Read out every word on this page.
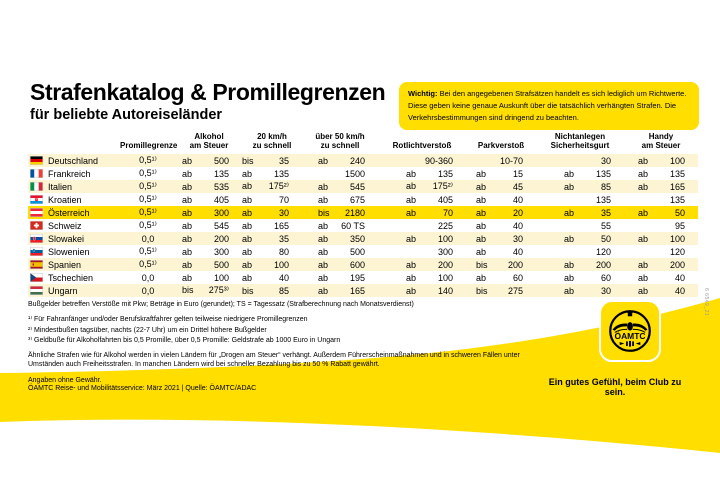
Strafenkatalog & Promillegrenzen
für beliebte Autoreiseländer
Wichtig: Bei den angegebenen Strafsätzen handelt es sich lediglich um Richtwerte. Diese geben keine genaue Auskunft über die tatsächlich verhängten Strafen. Die Verkehrsbestimmungen sind dringend zu beachten.
Promillegrenze
Alkohol
am Steuer
20 km/h
zu schnell
über 50 km/h
zu schnell	Rotlichtverstoß	Parkverstoß
Nichtanlegen
Sicherheitsgurt
Handy
am Steuer
Deutschland	0,5¹⁾	ab	500 bis	35	ab	240	90-360	10-70	30	ab	100
Frankreich	0,5¹⁾	ab	135 ab	135	1500	ab	135	ab	15	ab	135	ab	135
Italien	0,5¹⁾	ab	535 ab	175²⁾	ab	545	ab	175²⁾	ab	45	ab	85	ab	165
Kroatien	0,5¹⁾	ab	405 ab	70	ab	675	ab	405	ab	40	135	135
Österreich	0,5¹⁾	ab	300 ab	30	bis	2180	ab	70	ab	20	ab	35	ab	50
Schweiz	0,5¹⁾	ab	545 ab	165	ab	60 TS	225	ab	40	55	95
Slowakei	0,0	ab	200 ab	35	ab	350	ab	100	ab	30	ab	50	ab	100
Slowenien	0,5¹⁾	ab	300 ab	80	ab	500	300	ab	40	120	120
Spanien	0,5¹⁾	ab	500 ab	100	ab	600	ab	200	bis	200	ab	200	ab	200
Tschechien	0,0	ab	100 ab	40	ab	195	ab	100	ab	60	ab	60	ab	40
Ungarn	0,0	bis	275³⁾ bis	85	ab	165	ab	140	bis	275	ab	30	ab	40
Bußgelder betreffen Verstöße mit Pkw; Beträge in Euro (gerundet); TS = Tagessatz (Strafberechnung nach Monatsverdienst)
¹⁾ Für Fahranfänger und/oder Berufskraftfahrer gelten teilweise niedrigere Promillegrenzen
²⁾ Mindestbußen tagsüber, nachts (22-7 Uhr) um ein Drittel höhere Bußgelder
³⁾ Geldbuße für Alkoholfahrten bis 0,5 Promille, über 0,5 Promille: Geldstrafe ab 1000 Euro in Ungarn
Ähnliche Strafen wie für Alkohol werden in vielen Ländern für „Drogen am Steuer“ verhängt. Außerdem Führerscheinmaßnahmen und in schweren Fällen unter Umständen auch Freiheitsstrafen. In manchen Ländern wird bei schneller Bezahlung bis zu 50 % Rabatt gewährt.
Angaben ohne Gewähr.
ÖAMTC Reise- und Mobilitätsservice: März 2021 | Quelle: ÖAMTC/ADAC
ÖAMTC
Ein gutes Gefühl, beim Club zu sein.
6 6549_21
